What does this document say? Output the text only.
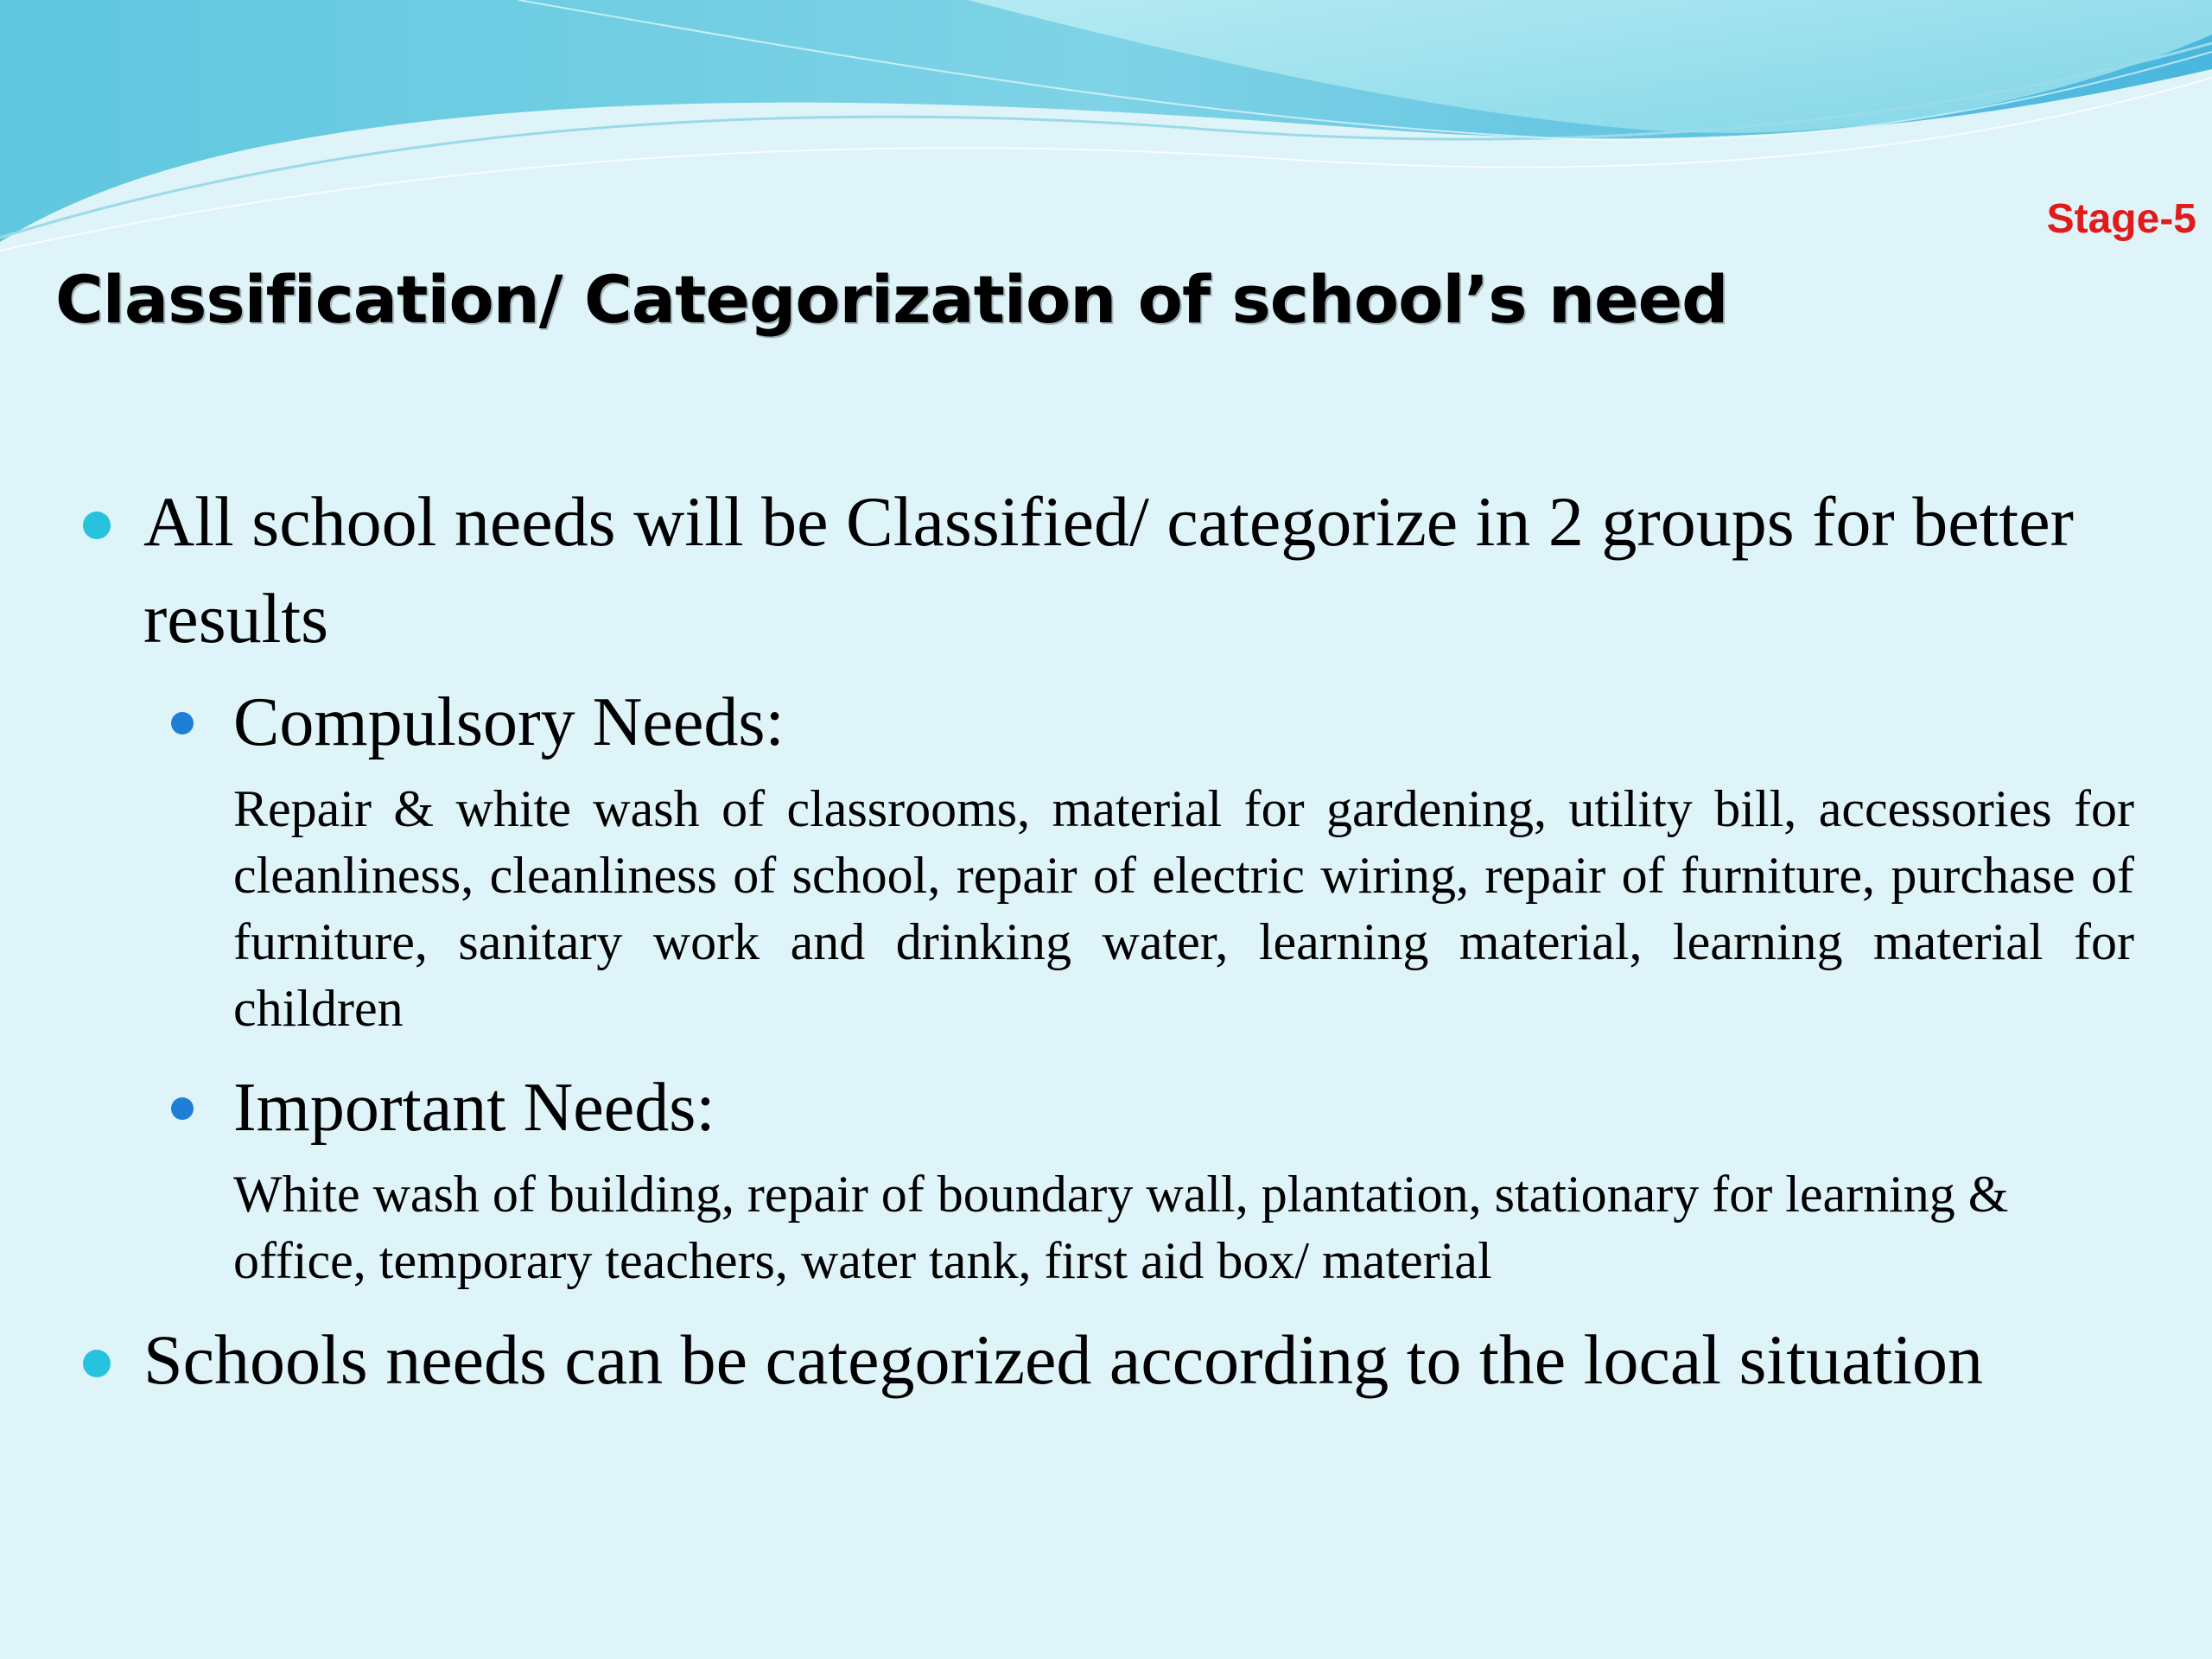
Stage-5
Classification/ Categorization of school’s need
All school needs will be Classified/ categorize in 2 groups for better results
Compulsory Needs:
Repair & white wash of classrooms, material for gardening, utility bill, accessories for cleanliness, cleanliness of school, repair of electric wiring, repair of furniture, purchase of furniture, sanitary work and drinking water, learning material, learning material for children
Important Needs:
White wash of building, repair of boundary wall, plantation, stationary for learning & office, temporary teachers, water tank, first aid box/ material
Schools needs can be categorized according to the local situation
